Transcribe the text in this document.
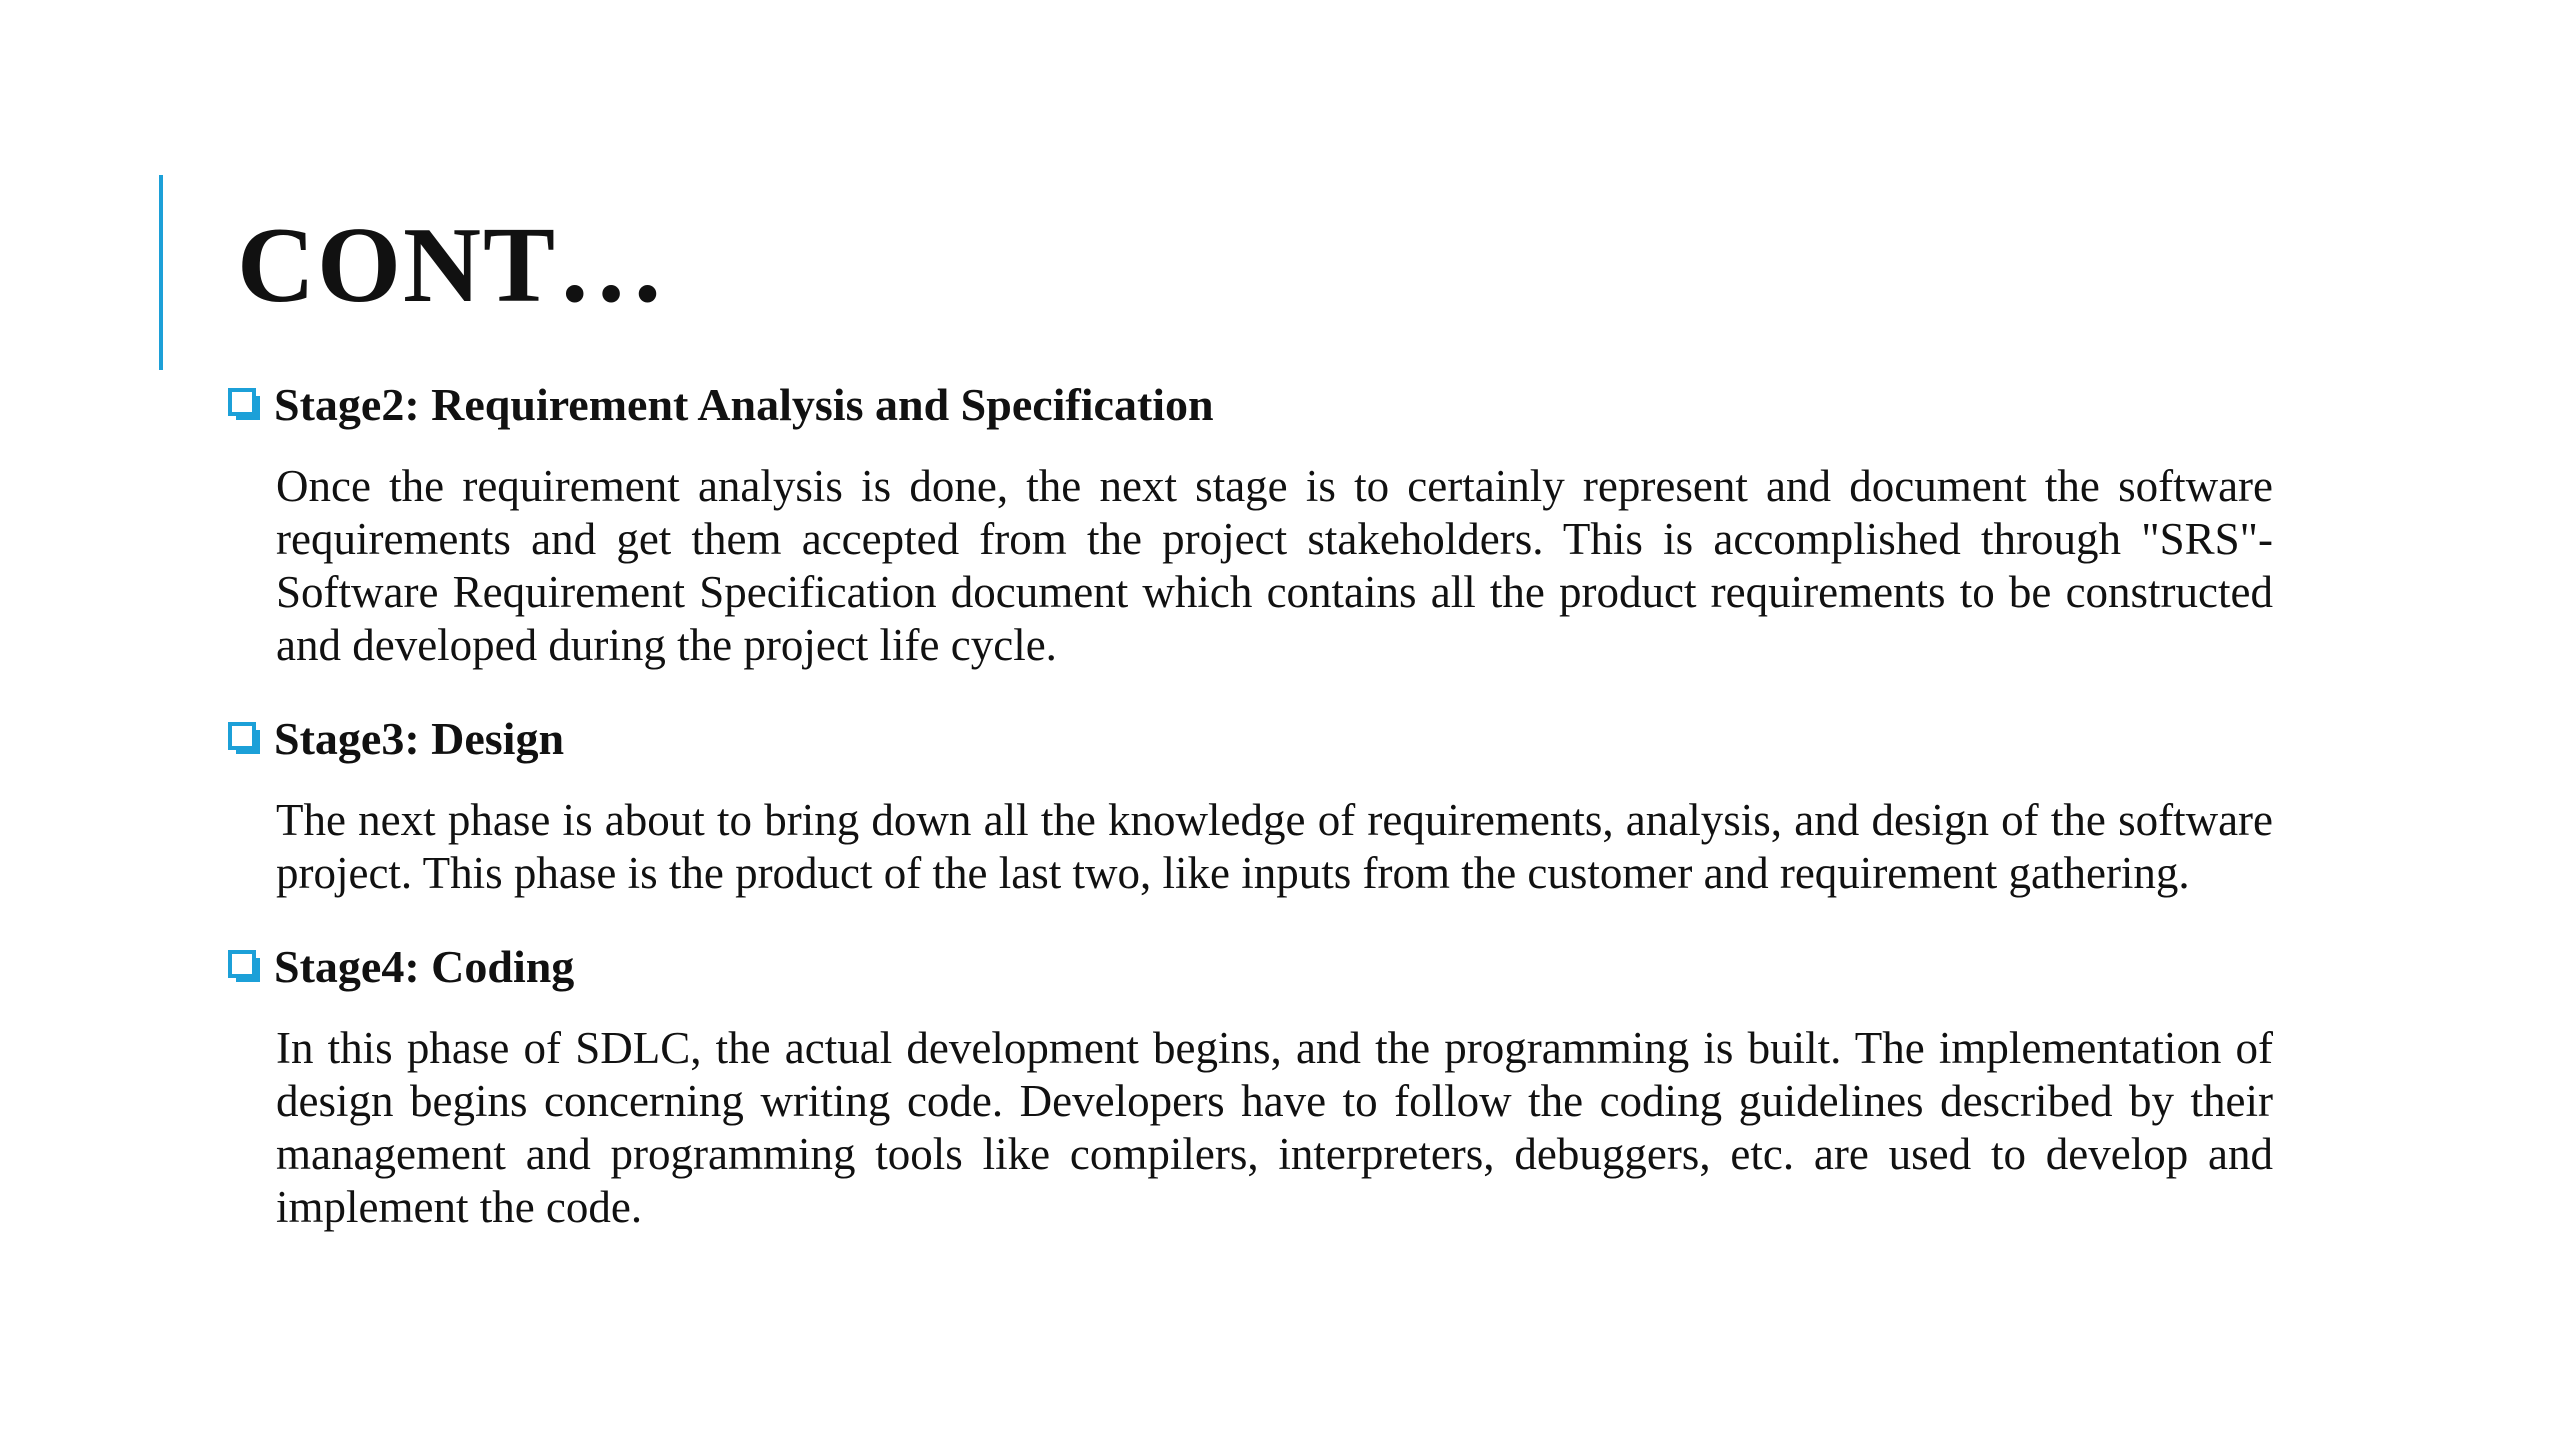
CONT…
Stage2: Requirement Analysis and Specification

Once the requirement analysis is done, the next stage is to certainly represent and document the software requirements and get them accepted from the project stakeholders. This is accomplished through "SRS"- Software Requirement Specification document which contains all the product requirements to be constructed and developed during the project life cycle.

Stage3: Design

The next phase is about to bring down all the knowledge of requirements, analysis, and design of the software project. This phase is the product of the last two, like inputs from the customer and requirement gathering.

Stage4: Coding

In this phase of SDLC, the actual development begins, and the programming is built. The implementation of design begins concerning writing code. Developers have to follow the coding guidelines described by their management and programming tools like compilers, interpreters, debuggers, etc. are used to develop and implement the code.
